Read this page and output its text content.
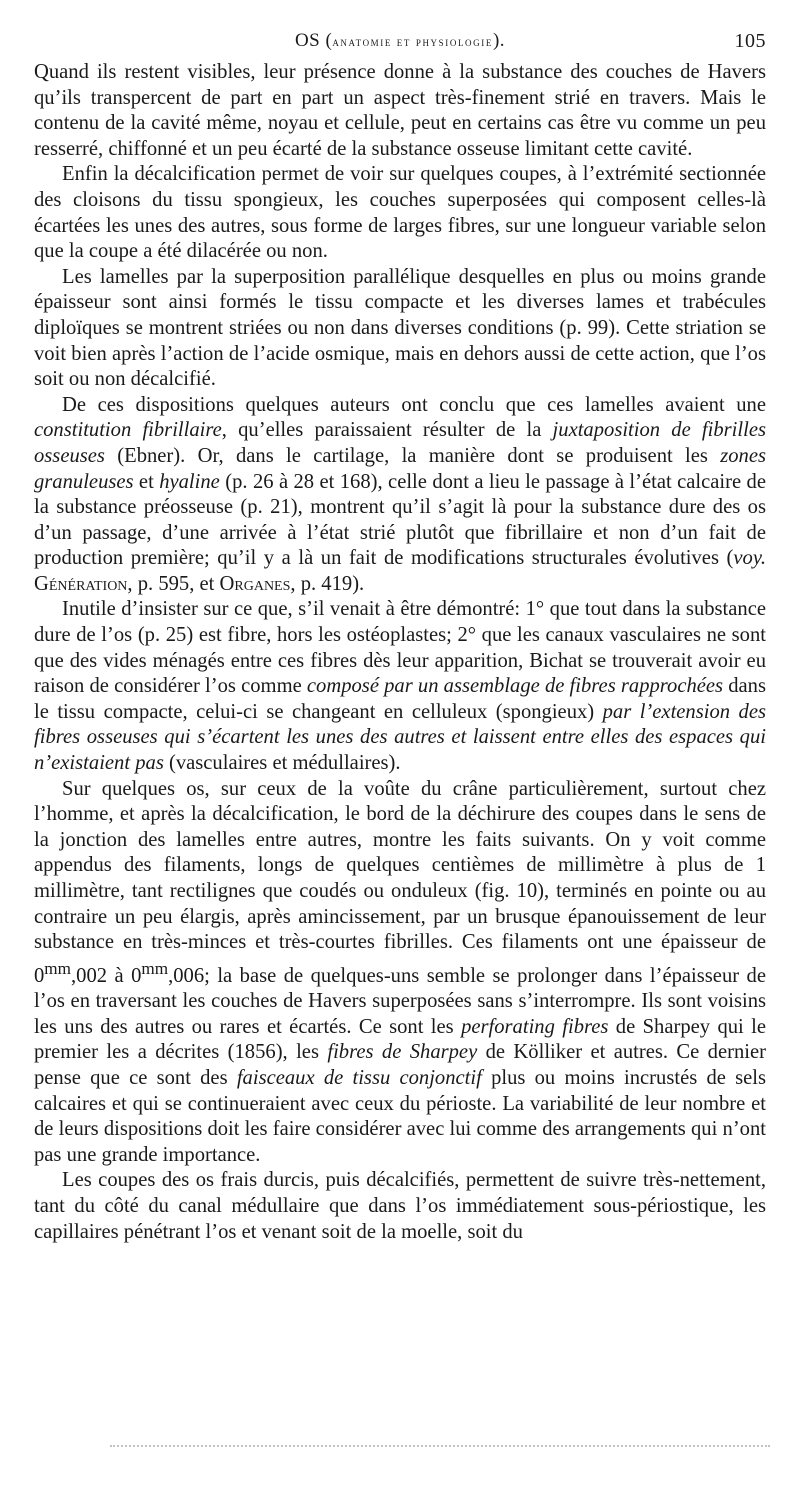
OS (anatomie et physiologie).	105

Quand ils restent visibles, leur présence donne à la substance des couches de Havers qu’ils transpercent de part en part un aspect très-finement strié en travers. Mais le contenu de la cavité même, noyau et cellule, peut en certains cas être vu comme un peu resserré, chiffonné et un peu écarté de la substance osseuse limitant cette cavité.

Enfin la décalcification permet de voir sur quelques coupes, à l’extrémité sectionnée des cloisons du tissu spongieux, les couches superposées qui composent celles-là écartées les unes des autres, sous forme de larges fibres, sur une longueur variable selon que la coupe a été dilacérée ou non.

Les lamelles par la superposition parallélique desquelles en plus ou moins grande épaisseur sont ainsi formés le tissu compacte et les diverses lames et trabécules diploïques se montrent striées ou non dans diverses conditions (p. 99). Cette striation se voit bien après l’action de l’acide osmique, mais en dehors aussi de cette action, que l’os soit ou non décalcifié.

De ces dispositions quelques auteurs ont conclu que ces lamelles avaient une constitution fibrillaire, qu’elles paraissaient résulter de la juxtaposition de fibrilles osseuses (Ebner). Or, dans le cartilage, la manière dont se produisent les zones granuleuses et hyaline (p. 26 à 28 et 168), celle dont a lieu le passage à l’état calcaire de la substance préosseuse (p. 21), montrent qu’il s’agit là pour la substance dure des os d’un passage, d’une arrivée à l’état strié plutôt que fibrillaire et non d’un fait de production première; qu’il y a là un fait de modifications structurales évolutives (voy. Génération, p. 595, et Organes, p. 419).

Inutile d’insister sur ce que, s’il venait à être démontré: 1° que tout dans la substance dure de l’os (p. 25) est fibre, hors les ostéoplastes; 2° que les canaux vasculaires ne sont que des vides ménagés entre ces fibres dès leur apparition, Bichat se trouverait avoir eu raison de considérer l’os comme composé par un assemblage de fibres rapprochées dans le tissu compacte, celui-ci se changeant en celluleux (spongieux) par l’extension des fibres osseuses qui s’écartent les unes des autres et laissent entre elles des espaces qui n’existaient pas (vasculaires et médullaires).

Sur quelques os, sur ceux de la voûte du crâne particulièrement, surtout chez l’homme, et après la décalcification, le bord de la déchirure des coupes dans le sens de la jonction des lamelles entre autres, montre les faits suivants. On y voit comme appendus des filaments, longs de quelques centièmes de millimètre à plus de 1 millimètre, tant rectilignes que coudés ou onduleux (fig. 10), terminés en pointe ou au contraire un peu élargis, après amincissement, par un brusque épanouissement de leur substance en très-minces et très-courtes fibrilles. Ces filaments ont une épaisseur de $0^{mm},002$ à $0^{mm},006$; la base de quelques-uns semble se prolonger dans l’épaisseur de l’os en traversant les couches de Havers superposées sans s’interrompre. Ils sont voisins les uns des autres ou rares et écartés. Ce sont les perforating fibres de Sharpey qui le premier les a décrites (1856), les fibres de Sharpey de Kölliker et autres. Ce dernier pense que ce sont des faisceaux de tissu conjonctif plus ou moins incrustés de sels calcaires et qui se continueraient avec ceux du périoste. La variabilité de leur nombre et de leurs dispositions doit les faire considérer avec lui comme des arrangements qui n’ont pas une grande importance.

Les coupes des os frais durcis, puis décalcifiés, permettent de suivre très-nettement, tant du côté du canal médullaire que dans l’os immédiatement sous-périostique, les capillaires pénétrant l’os et venant soit de la moelle, soit du
